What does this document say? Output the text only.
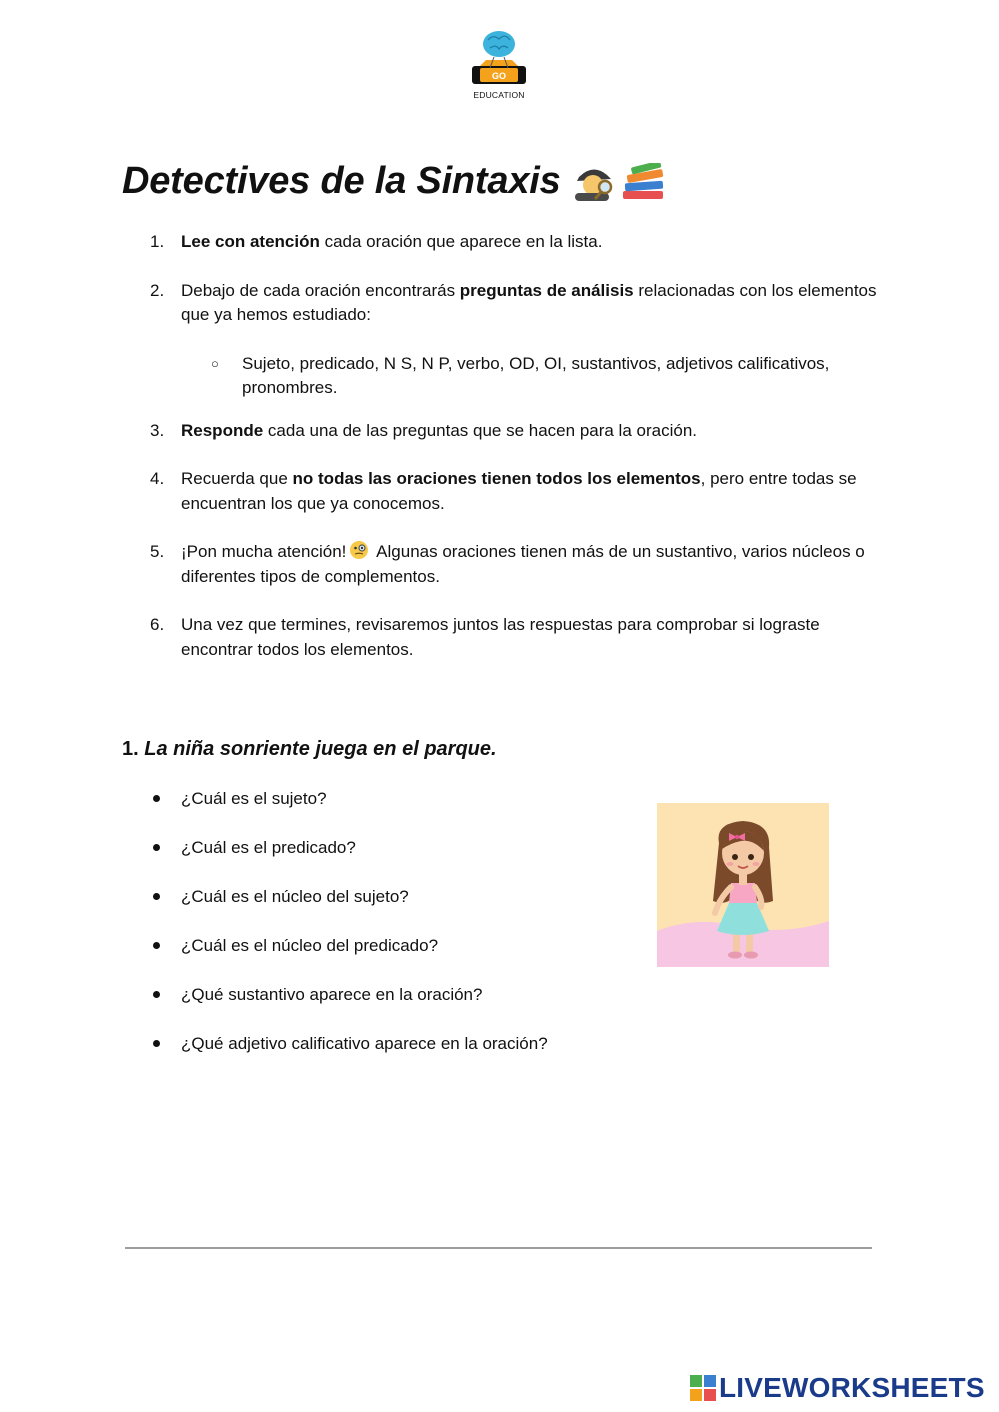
GO
EDUCATION
Detectives de la Sintaxis
1. Lee con atención cada oración que aparece en la lista.
2. Debajo de cada oración encontrarás preguntas de análisis relacionadas con los elementos que ya hemos estudiado:
○ Sujeto, predicado, N S, N P, verbo, OD, OI, sustantivos, adjetivos calificativos, pronombres.
3. Responde cada una de las preguntas que se hacen para la oración.
4. Recuerda que no todas las oraciones tienen todos los elementos, pero entre todas se encuentran los que ya conocemos.
5. ¡Pon mucha atención! Algunas oraciones tienen más de un sustantivo, varios núcleos o diferentes tipos de complementos.
6. Una vez que termines, revisaremos juntos las respuestas para comprobar si lograste encontrar todos los elementos.
1. La niña sonriente juega en el parque.
¿Cuál es el sujeto?
¿Cuál es el predicado?
¿Cuál es el núcleo del sujeto?
¿Cuál es el núcleo del predicado?
¿Qué sustantivo aparece en la oración?
¿Qué adjetivo calificativo aparece en la oración?
LIVEWORKSHEETS
